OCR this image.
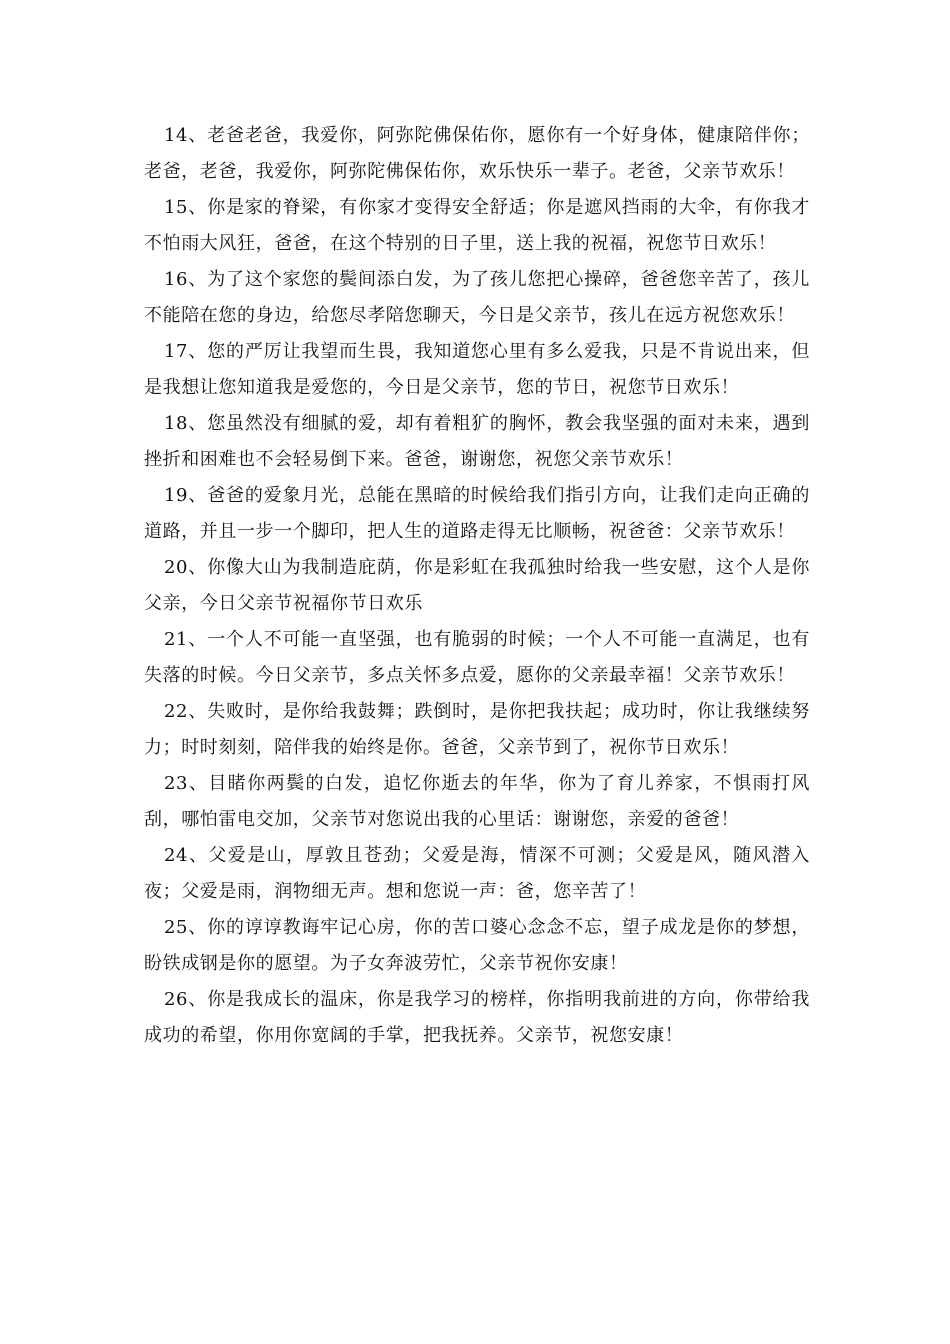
14、老爸老爸，我爱你，阿弥陀佛保佑你，愿你有一个好身体，健康陪伴你；老爸，老爸，我爱你，阿弥陀佛保佑你，欢乐快乐一辈子。老爸，父亲节欢乐！

15、你是家的脊梁，有你家才变得安全舒适；你是遮风挡雨的大伞，有你我才不怕雨大风狂，爸爸，在这个特别的日子里，送上我的祝福，祝您节日欢乐！

16、为了这个家您的鬓间添白发，为了孩儿您把心操碎，爸爸您辛苦了，孩儿不能陪在您的身边，给您尽孝陪您聊天，今日是父亲节，孩儿在远方祝您欢乐！

17、您的严厉让我望而生畏，我知道您心里有多么爱我，只是不肯说出来，但是我想让您知道我是爱您的，今日是父亲节，您的节日，祝您节日欢乐！

18、您虽然没有细腻的爱，却有着粗犷的胸怀，教会我坚强的面对未来，遇到挫折和困难也不会轻易倒下来。爸爸，谢谢您，祝您父亲节欢乐！

19、爸爸的爱象月光，总能在黑暗的时候给我们指引方向，让我们走向正确的道路，并且一步一个脚印，把人生的道路走得无比顺畅，祝爸爸：父亲节欢乐！

20、你像大山为我制造庇荫，你是彩虹在我孤独时给我一些安慰，这个人是你父亲，今日父亲节祝福你节日欢乐

21、一个人不可能一直坚强，也有脆弱的时候；一个人不可能一直满足，也有失落的时候。今日父亲节，多点关怀多点爱，愿你的父亲最幸福！父亲节欢乐！

22、失败时，是你给我鼓舞；跌倒时，是你把我扶起；成功时，你让我继续努力；时时刻刻，陪伴我的始终是你。爸爸，父亲节到了，祝你节日欢乐！

23、目睹你两鬓的白发，追忆你逝去的年华，你为了育儿养家，不惧雨打风刮，哪怕雷电交加，父亲节对您说出我的心里话：谢谢您，亲爱的爸爸！

24、父爱是山，厚敦且苍劲；父爱是海，情深不可测；父爱是风，随风潜入夜；父爱是雨，润物细无声。想和您说一声：爸，您辛苦了！

25、你的谆谆教诲牢记心房，你的苦口婆心念念不忘，望子成龙是你的梦想，盼铁成钢是你的愿望。为子女奔波劳忙，父亲节祝你安康！

26、你是我成长的温床，你是我学习的榜样，你指明我前进的方向，你带给我成功的希望，你用你宽阔的手掌，把我抚养。父亲节，祝您安康！
